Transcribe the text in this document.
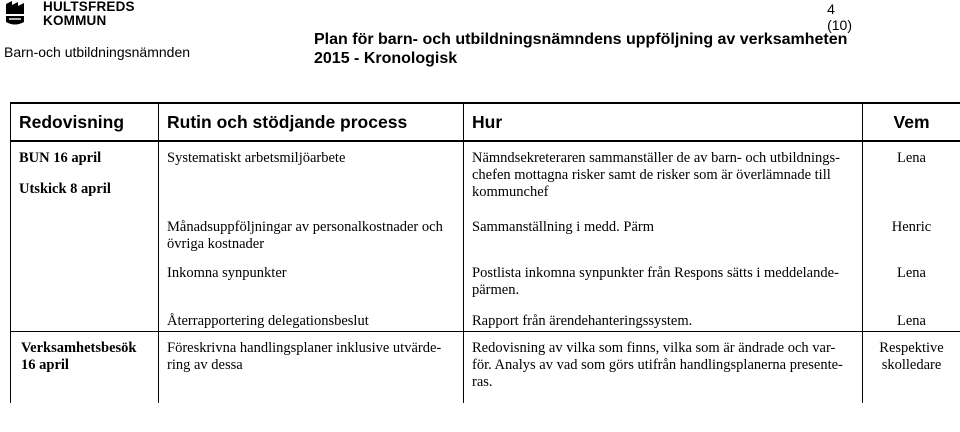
HULTSFREDS
KOMMUN
Barn-och utbildningsnämnden
Plan för barn- och utbildningsnämndens uppföljning av verksamheten
2015 - Kronologisk
4
(10)
Redovisning	Rutin och stödjande process	Hur	Vem

BUN 16 april
Utskick 8 april	Systematiskt arbetsmiljöarbete	Nämndsekreteraren sammanställer de av barn- och utbildnings-chefen mottagna risker samt de risker som är överlämnade till kommunchef	Lena
	Månadsuppföljningar av personalkostnader och övriga kostnader	Sammanställning i medd. Pärm	Henric
	Inkomna synpunkter	Postlista inkomna synpunkter från Respons sätts i meddelande-pärmen.	Lena
	Återrapportering delegationsbeslut	Rapport från ärendehanteringssystem.	Lena
Verksamhetsbesök 16 april	Föreskrivna handlingsplaner inklusive utvärde-ring av dessa	Redovisning av vilka som finns, vilka som är ändrade och var-för. Analys av vad som görs utifrån handlingsplanerna presente-ras.	Respektive skolledare
